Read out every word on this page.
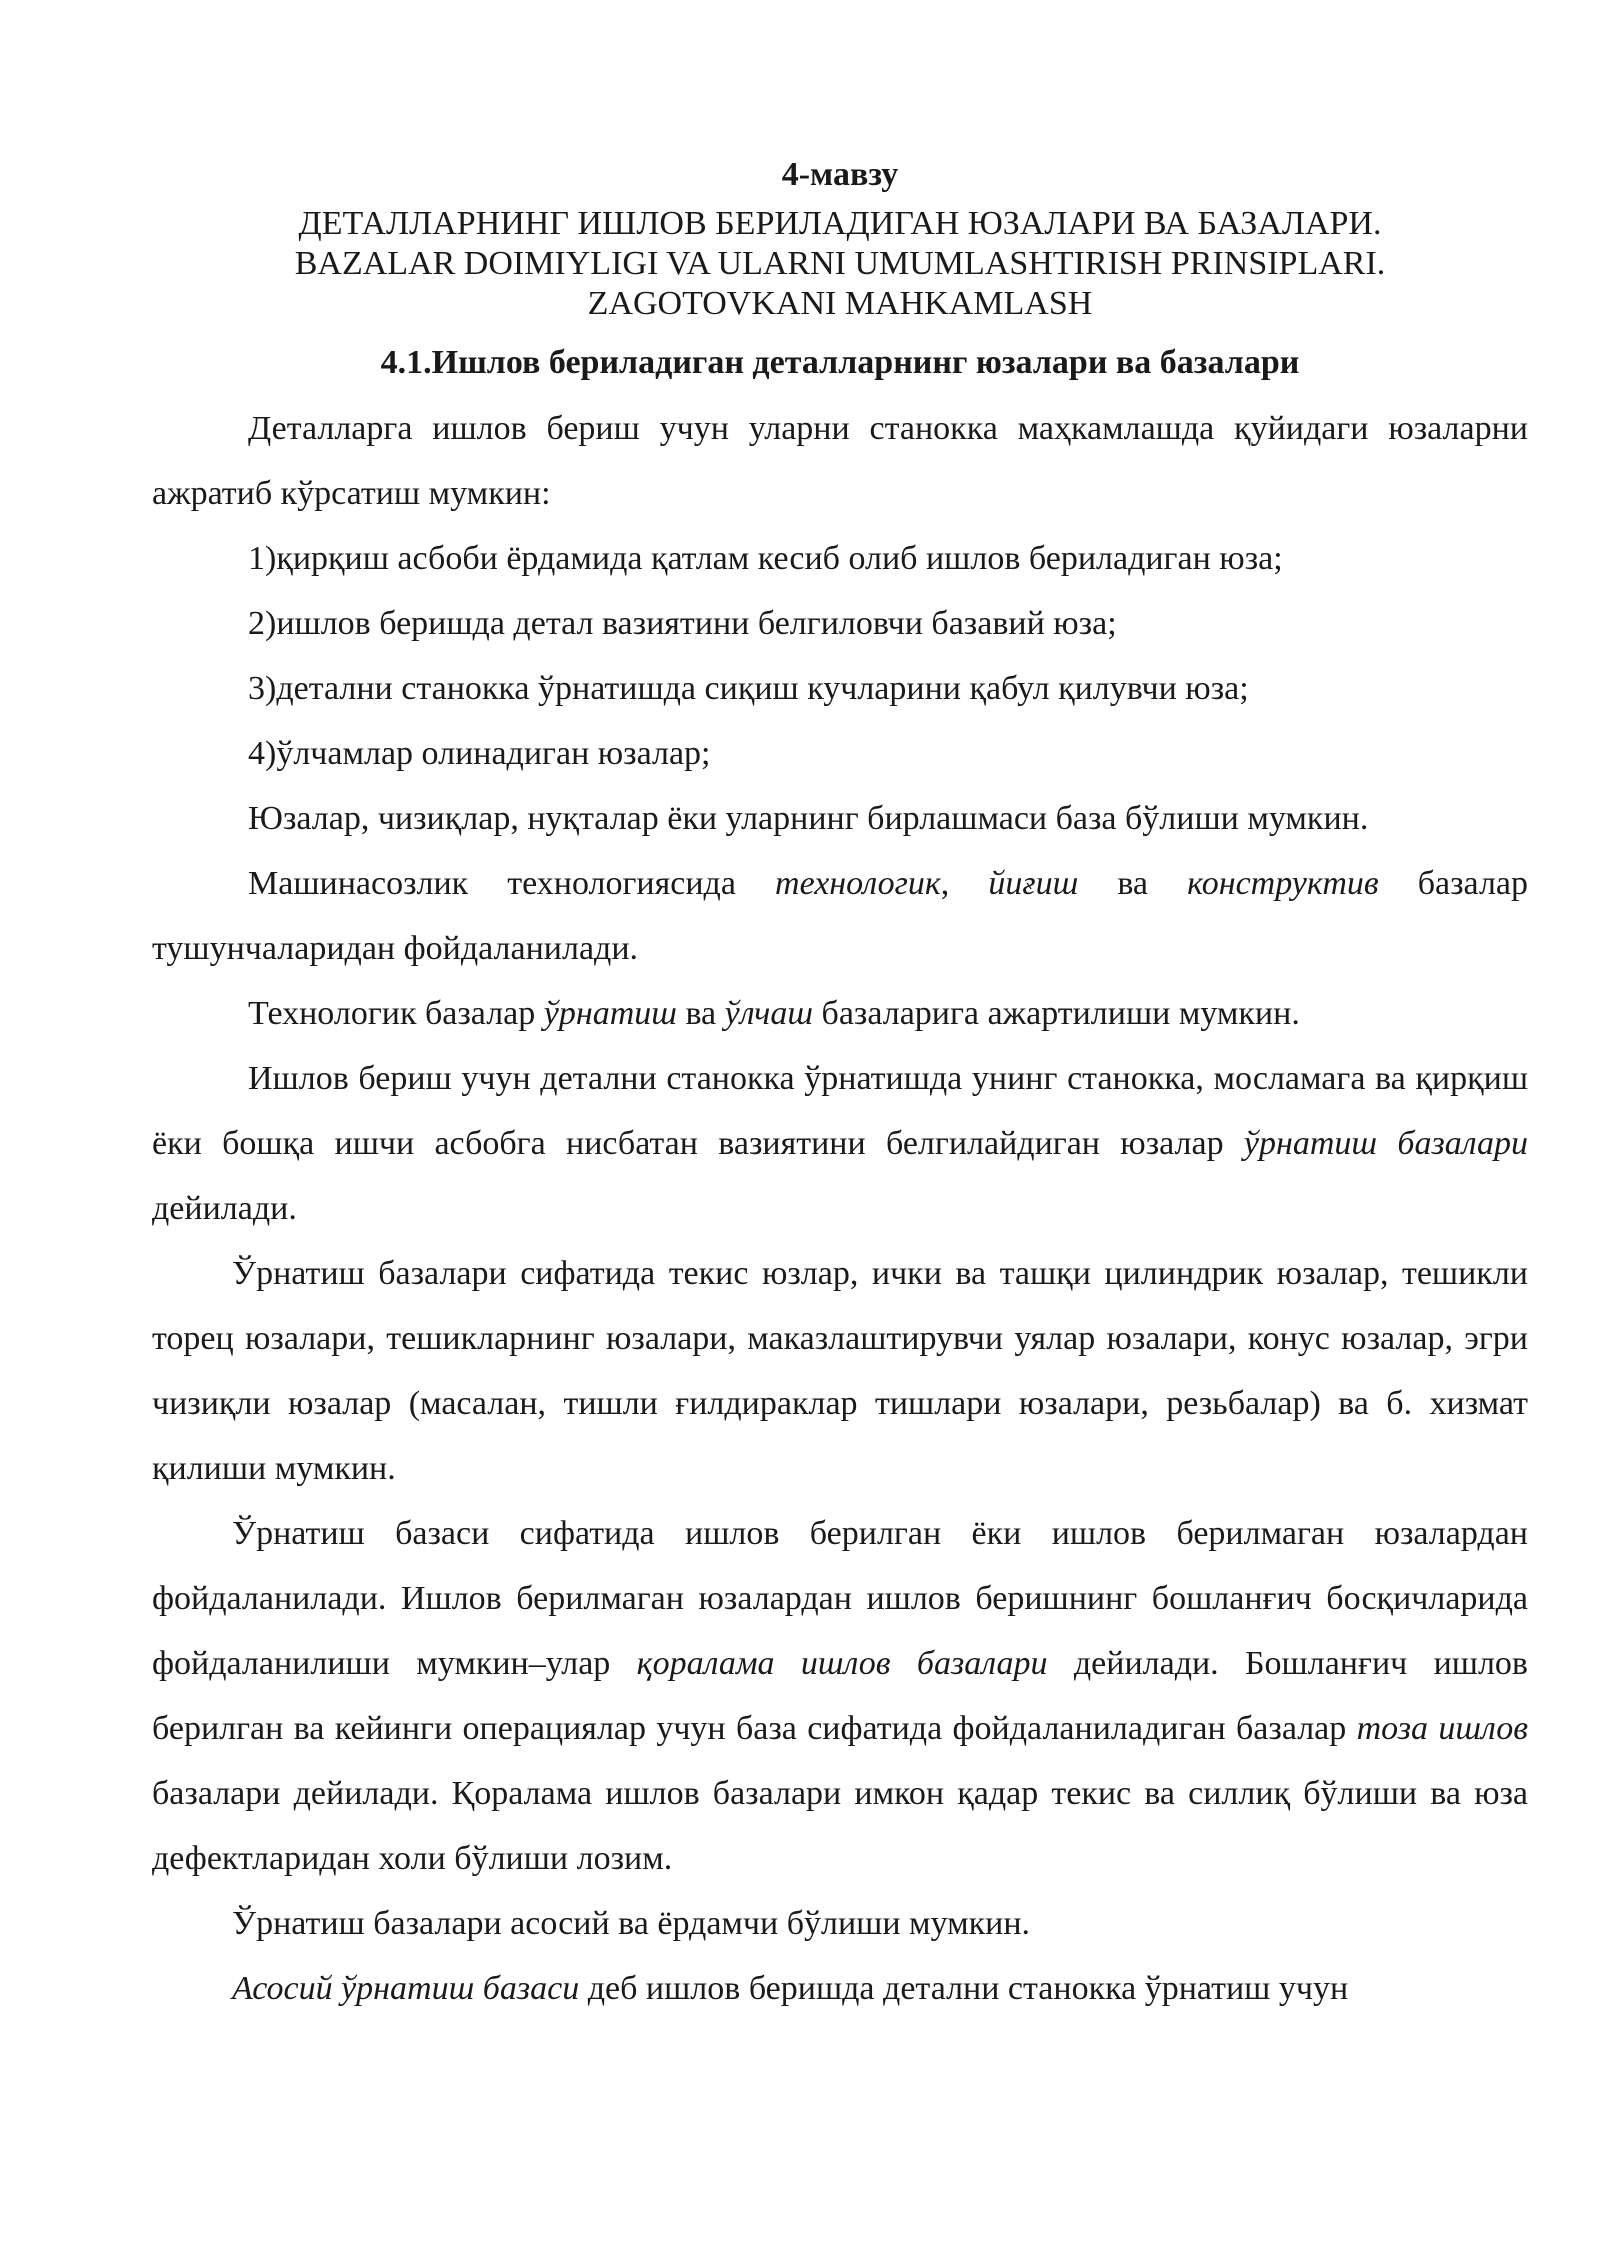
4-мавзу
ДЕТАЛЛАРНИНГ ИШЛОВ БЕРИЛАДИГАН ЮЗАЛАРИ ВА БАЗАЛАРИ.
BAZALAR DOIMIYLIGI VA ULARNI UMUMLASHTIRISH PRINSIPLARI.
ZAGOTOVKANI MAHKAMLASH
4.1.Ишлов бериладиган деталларнинг юзалари ва базалари

Деталларга ишлов бериш учун уларни станокка маҳкамлашда қуйидаги юзаларни ажратиб кўрсатиш мумкин:

1)қирқиш асбоби ёрдамида қатлам кесиб олиб ишлов бериладиган юза;

2)ишлов беришда детал вазиятини белгиловчи базавий юза;

3)детални станокка ўрнатишда сиқиш кучларини қабул қилувчи юза;

4)ўлчамлар олинадиган юзалар;

Юзалар, чизиқлар, нуқталар ёки уларнинг бирлашмаси база бўлиши мумкин.

Машинасозлик технологиясида технологик, йиғиш ва конструктив базалар тушунчаларидан фойдаланилади.

Технологик базалар ўрнатиш ва ўлчаш базаларига ажартилиши мумкин.

Ишлов бериш учун детални станокка ўрнатишда унинг станокка, мосламага ва қирқиш ёки бошқа ишчи асбобга нисбатан вазиятини белгилайдиган юзалар ўрнатиш базалари дейилади.

Ўрнатиш базалари сифатида текис юзлар, ички ва ташқи цилиндрик юзалар, тешикли торец юзалари, тешикларнинг юзалари, маказлаштирувчи уялар юзалари, конус юзалар, эгри чизиқли юзалар (масалан, тишли ғилдираклар тишлари юзалари, резьбалар) ва б. хизмат қилиши мумкин.

Ўрнатиш базаси сифатида ишлов берилган ёки ишлов берилмаган юзалардан фойдаланилади. Ишлов берилмаган юзалардан ишлов беришнинг бошланғич босқичларида фойдаланилиши мумкин–улар қоралама ишлов базалари дейилади. Бошланғич ишлов берилган ва кейинги операциялар учун база сифатида фойдаланиладиган базалар тоза ишлов базалари дейилади. Қоралама ишлов базалари имкон қадар текис ва силлиқ бўлиши ва юза дефектларидан холи бўлиши лозим.

Ўрнатиш базалари асосий ва ёрдамчи бўлиши мумкин.

Асосий ўрнатиш базаси деб ишлов беришда детални станокка ўрнатиш учун
